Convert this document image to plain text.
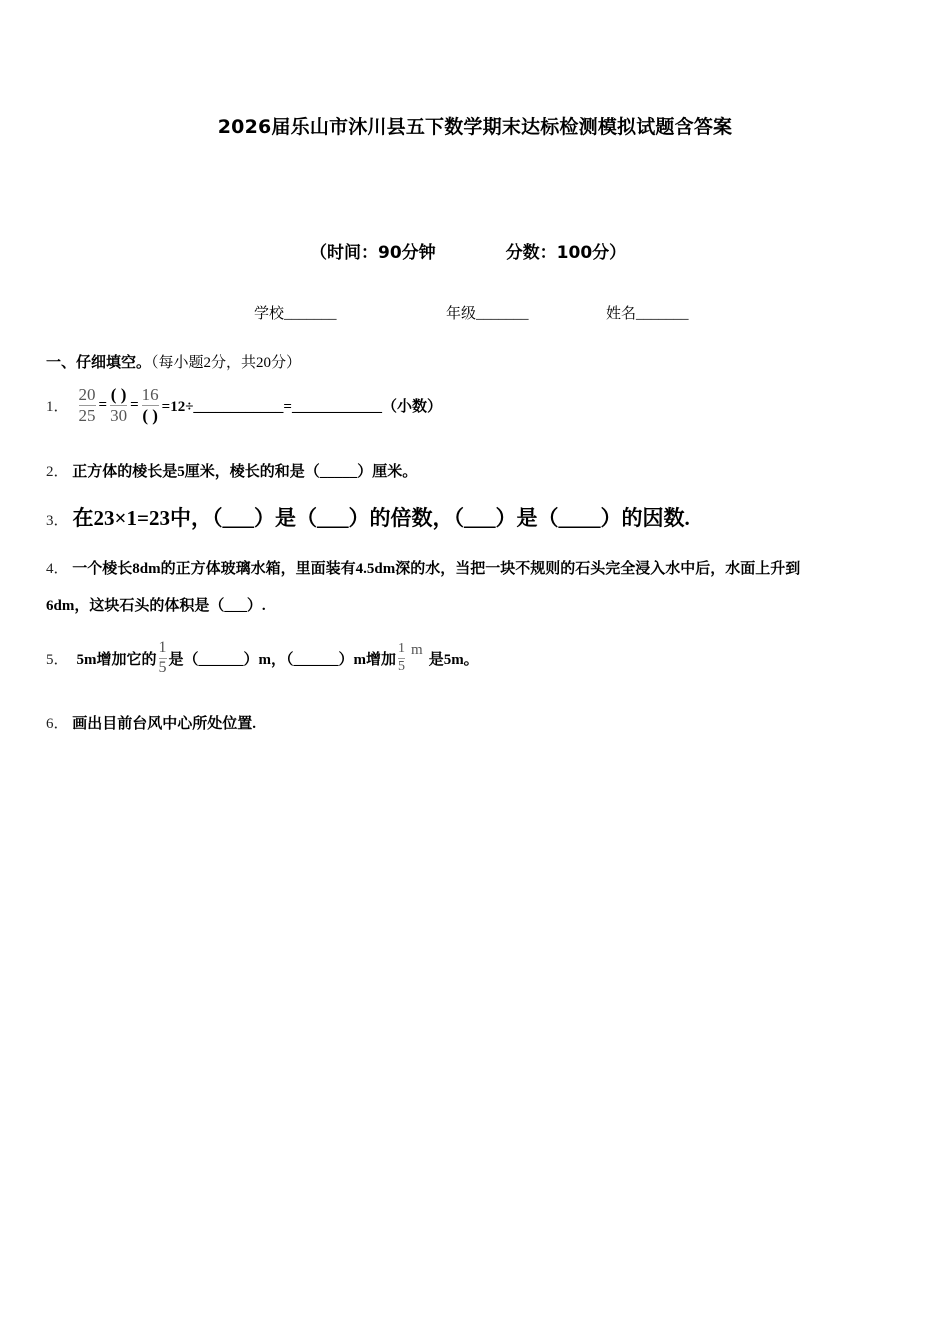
2026届乐山市沐川县五下数学期末达标检测模拟试题含答案
（时间：90分钟	分数：100分）
学校_______	年级_______	姓名_______
一、仔细填空。（每小题2分，共20分）
1． $\frac{20}{25} = \frac{( )}{30} = \frac{16}{( )}$ =12÷____________=____________（小数）
2． 正方体的棱长是5厘米，棱长的和是（_____）厘米。
3． 在23×1=23中，（___）是（___）的倍数，（___）是（____）的因数.
4． 一个棱长8dm的正方体玻璃水箱，里面装有4.5dm深的水，当把一块不规则的石头完全浸入水中后，水面上升到
6dm，这块石头的体积是（___）.
5． 5m增加它的 $\frac{1}{5}$ 是（______）m，（______）m增加 $\frac{1}{5}$ m
是5m。
6． 画出目前台风中心所处位置.
